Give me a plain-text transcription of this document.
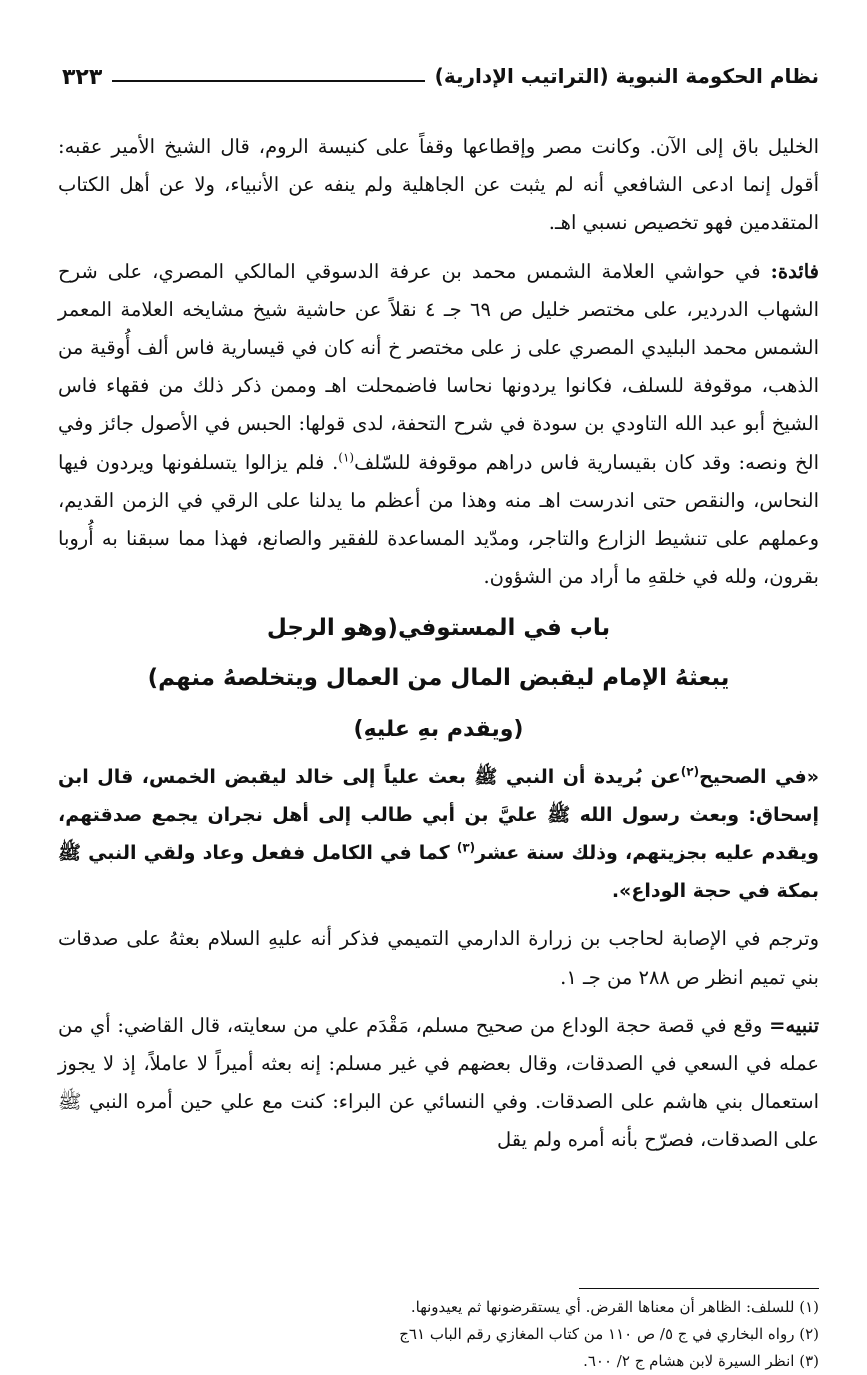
نظام الحكومة النبوية (التراتيب الإدارية)
٣٢٣

الخليل باق إلى الآن. وكانت مصر وإقطاعها وقفاً على كنيسة الروم، قال الشيخ الأمير عقبه: أقول إنما ادعى الشافعي أنه لم يثبت عن الجاهلية ولم ينفه عن الأنبياء، ولا عن أهل الكتاب المتقدمين فهو تخصيص نسبي اهـ.

فائدة: في حواشي العلامة الشمس محمد بن عرفة الدسوقي المالكي المصري، على شرح الشهاب الدردير، على مختصر خليل ص ٦٩ جـ ٤ نقلاً عن حاشية شيخ مشايخه العلامة المعمر الشمس محمد البليدي المصري على ز على مختصر خ أنه كان في قيسارية فاس ألف أُوقية من الذهب، موقوفة للسلف، فكانوا يردونها نحاسا فاضمحلت اهـ وممن ذكر ذلك من فقهاء فاس الشيخ أبو عبد الله التاودي بن سودة في شرح التحفة، لدى قولها: الحبس في الأصول جائز وفي الخ ونصه: وقد كان بقيسارية فاس دراهم موقوفة للسّلف$^{(١)}$. فلم يزالوا يتسلفونها ويردون فيها النحاس، والنقص حتى اندرست اهـ منه وهذا من أعظم ما يدلنا على الرقي في الزمن القديم، وعملهم على تنشيط الزارع والتاجر، ومدّيد المساعدة للفقير والصانع، فهذا مما سبقنا به أُروبا بقرون، ولله في خلقهِ ما أراد من الشؤون.

باب في المستوفي(وهو الرجل

يبعثهُ الإمام ليقبض المال من العمال ويتخلصهُ منهم)

(ويقدم بهِ عليهِ)

«في الصحيح$^{(٢)}$عن بُريدة أن النبي ﷺ بعث علياً إلى خالد ليقبض الخمس، قال ابن إسحاق: وبعث رسول الله ﷺ عليَّ بن أبي طالب إلى أهل نجران يجمع صدقتهم، ويقدم عليه بجزيتهم، وذلك سنة عشر$^{(٣)}$ كما في الكامل ففعل وعاد ولقي النبي ﷺ بمكة في حجة الوداع».

وترجم في الإصابة لحاجب بن زرارة الدارمي التميمي فذكر أنه عليهِ السلام بعثهُ على صدقات بني تميم انظر ص ٢٨٨ من جـ ١.

تنبيه= وقع في قصة حجة الوداع من صحيح مسلم، مَقْدَم علي من سعايته، قال القاضي: أي من عمله في السعي في الصدقات، وقال بعضهم في غير مسلم: إنه بعثه أميراً لا عاملاً، إذ لا يجوز استعمال بني هاشم على الصدقات. وفي النسائي عن البراء: كنت مع علي حين أمره النبي ﷺ على الصدقات، فصرّح بأنه أمره ولم يقل

(١) للسلف: الظاهر أن معناها القرض. أي يستقرضونها ثم يعيدونها.

(٢) رواه البخاري في ج ٥/ ص ١١٠ من كتاب المغازي رقم الباب ٦١ج

(٣) انظر السيرة لابن هشام ج ٢/ ٦٠٠.
